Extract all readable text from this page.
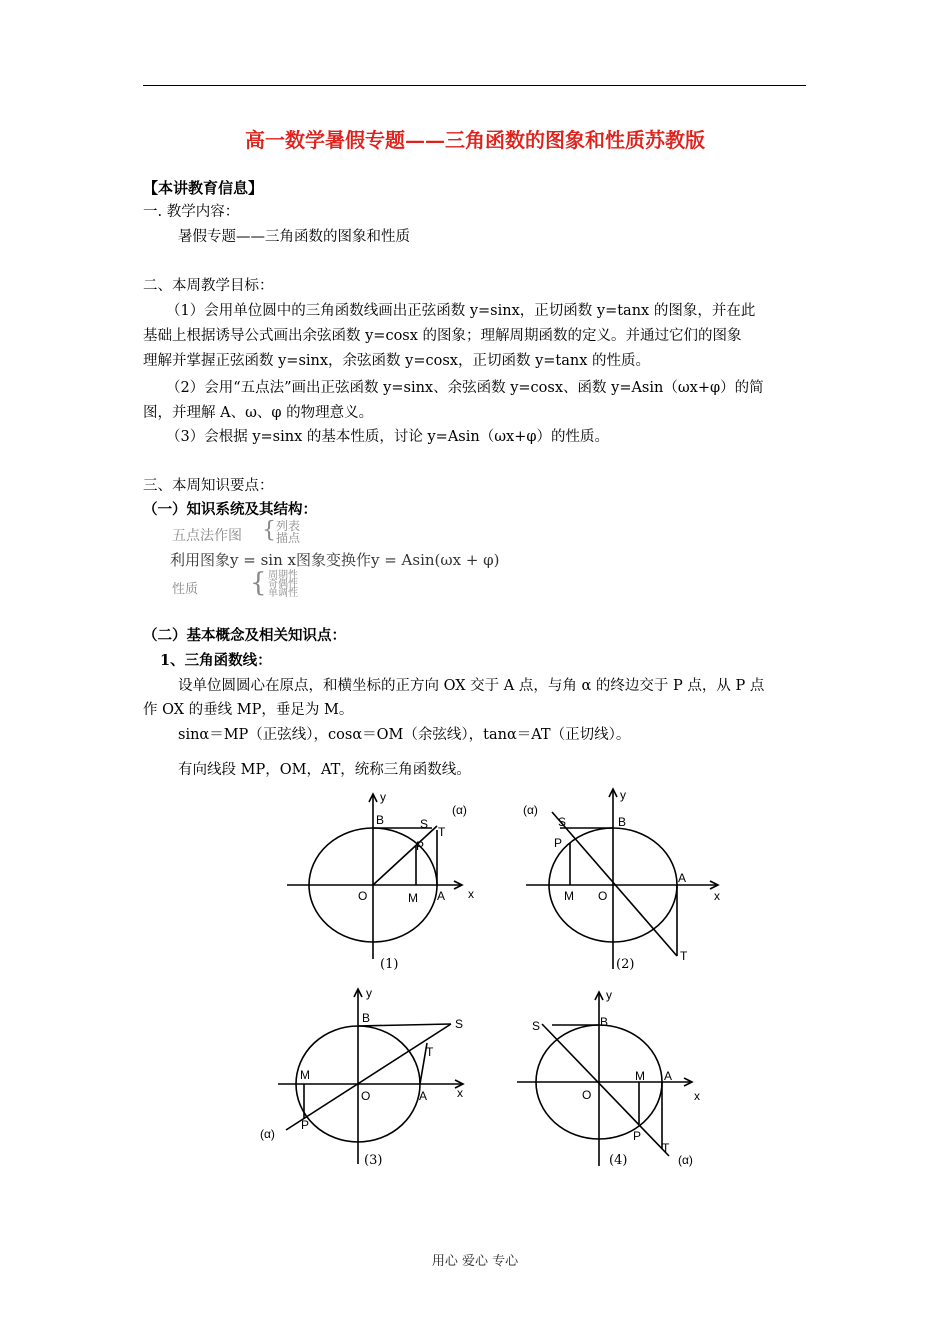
高一数学暑假专题——三角函数的图象和性质苏教版
【本讲教育信息】
一. 教学内容：
暑假专题——三角函数的图象和性质
二、本周教学目标：
（1）会用单位圆中的三角函数线画出正弦函数 y=sinx，正切函数 y=tanx 的图象，并在此
基础上根据诱导公式画出余弦函数 y=cosx 的图象；理解周期函数的定义。并通过它们的图象
理解并掌握正弦函数 y=sinx，余弦函数 y=cosx，正切函数 y=tanx 的性质。
（2）会用“五点法”画出正弦函数 y=sinx、余弦函数 y=cosx、函数 y=Asin（ωx+φ）的简
图，并理解 A、ω、φ 的物理意义。
（3）会根据 y=sinx 的基本性质，讨论 y=Asin（ωx+φ）的性质。
三、本周知识要点：
（一）知识系统及其结构：
五点法作图 { 列表
描点
利用图象y = sin x图象变换作y = Asin(ωx + φ)
性质 { 周期性
奇偶性
单调性
（二）基本概念及相关知识点：
1、三角函数线：
设单位圆圆心在原点，和横坐标的正方向 OX 交于 A 点，与角 α 的终边交于 P 点，从 P 点
作 OX 的垂线 MP，垂足为 M。
sinα＝MP（正弦线），cosα＝OM（余弦线），tanα＝AT（正切线）。
有向线段 MP，OM，AT，统称三角函数线。
y
(α)
B	S
T
P
O	M A x
(1)
(α)
y
S	B
P
A
M O	x
T
(2)
y
B	S
T
M
O	A x
P
(α)
(3)
y
S	B
M A
O	x
P
T
(α)
(4)
用心 爱心 专心
